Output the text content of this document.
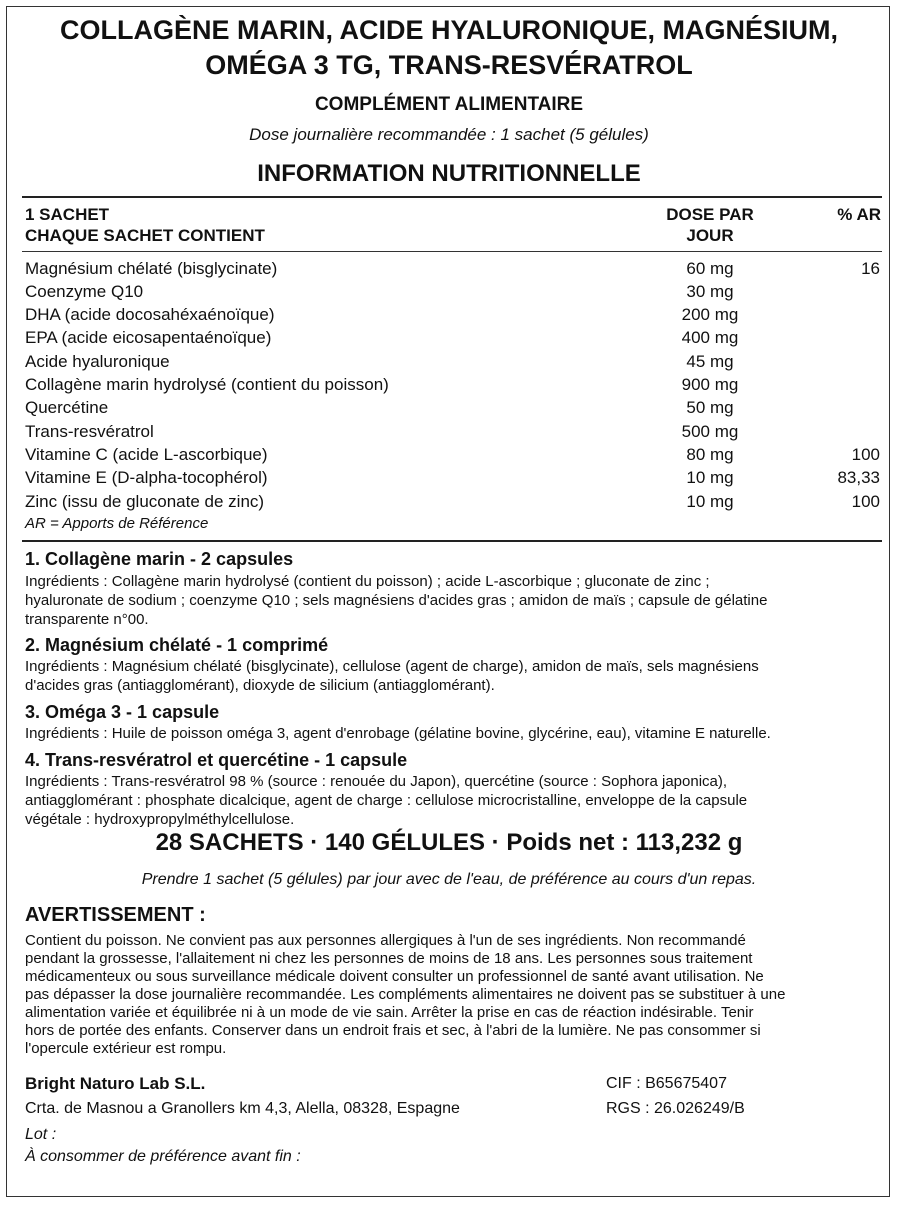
COLLAGÈNE MARIN, ACIDE HYALURONIQUE, MAGNÉSIUM,
OMÉGA 3 TG, TRANS-RESVÉRATROL
COMPLÉMENT ALIMENTAIRE
Dose journalière recommandée : 1 sachet (5 gélules)
INFORMATION NUTRITIONNELLE
1 SACHET
CHAQUE SACHET CONTIENT
DOSE PAR
JOUR
% AR
Magnésium chélaté (bisglycinate)	60 mg	16
Coenzyme Q10	30 mg
DHA (acide docosahéxaénoïque)	200 mg
EPA (acide eicosapentaénoïque)	400 mg
Acide hyaluronique	45 mg
Collagène marin hydrolysé (contient du poisson)	900 mg
Quercétine	50 mg
Trans-resvératrol	500 mg
Vitamine C (acide L-ascorbique)	80 mg	100
Vitamine E (D-alpha-tocophérol)	10 mg	83,33
Zinc (issu de gluconate de zinc)	10 mg	100
AR = Apports de Référence
1. Collagène marin - 2 capsules
Ingrédients : Collagène marin hydrolysé (contient du poisson) ; acide L-ascorbique ; gluconate de zinc ;
hyaluronate de sodium ; coenzyme Q10 ; sels magnésiens d'acides gras ; amidon de maïs ; capsule de gélatine
transparente n°00.
2. Magnésium chélaté - 1 comprimé
Ingrédients : Magnésium chélaté (bisglycinate), cellulose (agent de charge), amidon de maïs, sels magnésiens
d'acides gras (antiagglomérant), dioxyde de silicium (antiagglomérant).
3. Oméga 3 - 1 capsule
Ingrédients : Huile de poisson oméga 3, agent d'enrobage (gélatine bovine, glycérine, eau), vitamine E naturelle.
4. Trans-resvératrol et quercétine - 1 capsule
Ingrédients : Trans-resvératrol 98 % (source : renouée du Japon), quercétine (source : Sophora japonica),
antiagglomérant : phosphate dicalcique, agent de charge : cellulose microcristalline, enveloppe de la capsule
végétale : hydroxypropylméthylcellulose.
28 SACHETS · 140 GÉLULES · Poids net : 113,232 g
Prendre 1 sachet (5 gélules) par jour avec de l'eau, de préférence au cours d'un repas.
AVERTISSEMENT :
Contient du poisson. Ne convient pas aux personnes allergiques à l'un de ses ingrédients. Non recommandé
pendant la grossesse, l'allaitement ni chez les personnes de moins de 18 ans. Les personnes sous traitement
médicamenteux ou sous surveillance médicale doivent consulter un professionnel de santé avant utilisation. Ne
pas dépasser la dose journalière recommandée. Les compléments alimentaires ne doivent pas se substituer à une
alimentation variée et équilibrée ni à un mode de vie sain. Arrêter la prise en cas de réaction indésirable. Tenir
hors de portée des enfants. Conserver dans un endroit frais et sec, à l'abri de la lumière. Ne pas consommer si
l'opercule extérieur est rompu.
Bright Naturo Lab S.L.
Crta. de Masnou a Granollers km 4,3, Alella, 08328, Espagne
CIF : B65675407
RGS : 26.026249/B
Lot :
À consommer de préférence avant fin :
